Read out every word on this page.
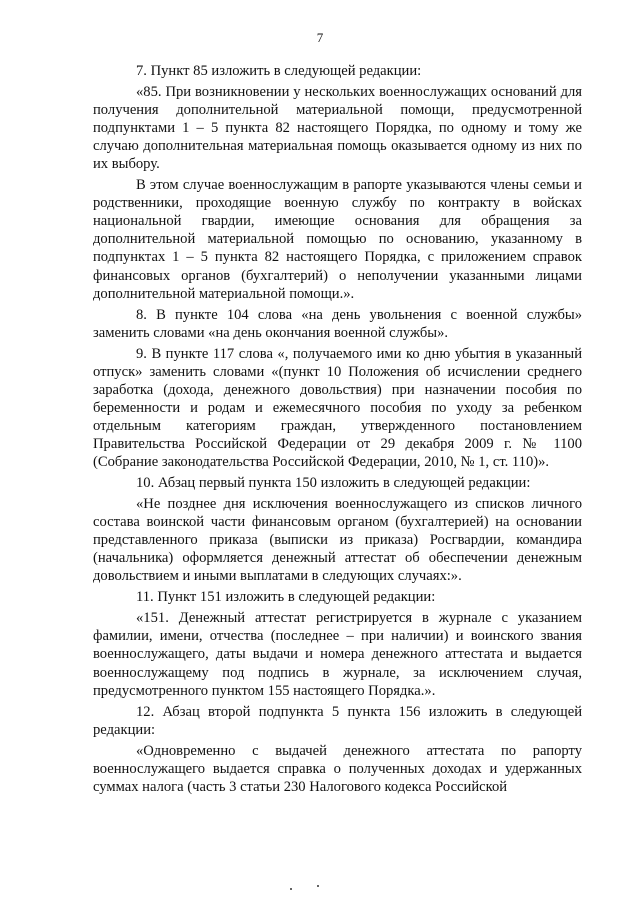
7

7. Пункт 85 изложить в следующей редакции:

«85. При возникновении у нескольких военнослужащих оснований для получения дополнительной материальной помощи, предусмотренной подпунктами 1 – 5 пункта 82 настоящего Порядка, по одному и тому же случаю дополнительная материальная помощь оказывается одному из них по их выбору.

В этом случае военнослужащим в рапорте указываются члены семьи и родственники, проходящие военную службу по контракту в войсках национальной гвардии, имеющие основания для обращения за дополнительной материальной помощью по основанию, указанному в подпунктах 1 – 5 пункта 82 настоящего Порядка, с приложением справок финансовых органов (бухгалтерий) о неполучении указанными лицами дополнительной материальной помощи.».

8. В пункте 104 слова «на день увольнения с военной службы» заменить словами «на день окончания военной службы».

9. В пункте 117 слова «, получаемого ими ко дню убытия в указанный отпуск» заменить словами «(пункт 10 Положения об исчислении среднего заработка (дохода, денежного довольствия) при назначении пособия по беременности и родам и ежемесячного пособия по уходу за ребенком отдельным категориям граждан, утвержденного постановлением Правительства Российской Федерации от 29 декабря 2009 г. № 1100 (Собрание законодательства Российской Федерации, 2010, № 1, ст. 110)».

10. Абзац первый пункта 150 изложить в следующей редакции:

«Не позднее дня исключения военнослужащего из списков личного состава воинской части финансовым органом (бухгалтерией) на основании представленного приказа (выписки из приказа) Росгвардии, командира (начальника) оформляется денежный аттестат об обеспечении денежным довольствием и иными выплатами в следующих случаях:».

11. Пункт 151 изложить в следующей редакции:

«151. Денежный аттестат регистрируется в журнале с указанием фамилии, имени, отчества (последнее – при наличии) и воинского звания военнослужащего, даты выдачи и номера денежного аттестата и выдается военнослужащему под подпись в журнале, за исключением случая, предусмотренного пунктом 155 настоящего Порядка.».

12. Абзац второй подпункта 5 пункта 156 изложить в следующей редакции:

«Одновременно с выдачей денежного аттестата по рапорту военнослужащего выдается справка о полученных доходах и удержанных суммах налога (часть 3 статьи 230 Налогового кодекса Российской
